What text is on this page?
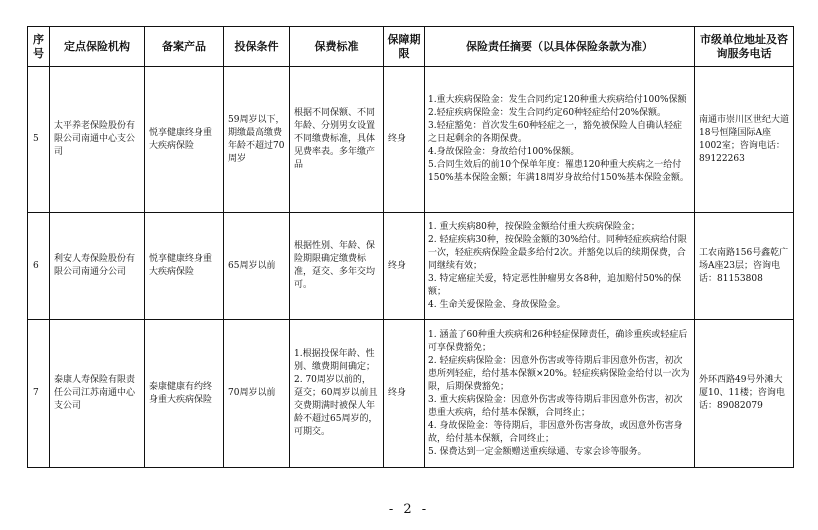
序号	定点保险机构	备案产品	投保条件	保费标准	保障期限	保险责任摘要（以具体保险条款为准）	市级单位地址及咨询服务电话
5	太平养老保险股份有限公司南通中心支公司	悦享健康终身重大疾病保险	59周岁以下，期缴最高缴费年龄不超过70周岁	根据不同保额、不同年龄、分别男女设置不同缴费标准，具体见费率表。多年缴产品	终身	1.重大疾病保险金：发生合同约定120种重大疾病给付100%保额
2.轻症疾病保险金：发生合同约定60种轻症给付20%保额。
3.轻症豁免：首次发生60种轻症之一，豁免被保险人自确认轻症之日起剩余的各期保费。
4.身故保险金：身故给付100%保额。
5.合同生效后的前10个保单年度：罹患120种重大疾病之一给付150%基本保险金额；年满18周岁身故给付150%基本保险金额。	南通市崇川区世纪大道18号恒隆国际A座1002室；咨询电话：89122263

6	利安人寿保险股份有限公司南通分公司	悦享健康终身重大疾病保险	65周岁以前	根据性别、年龄、保险期限确定缴费标准，趸交、多年交均可。	终身	1. 重大疾病80种，按保险金额给付重大疾病保险金；
2. 轻症疾病30种，按保险金额的30%给付。同种轻症疾病给付限一次，轻症疾病保险金最多给付2次。并豁免以后的续期保费，合同继续有效；
3. 特定癌症关爱，特定恶性肿瘤男女各8种，追加赔付50%的保额；
4. 生命关爱保险金、身故保险金。	工农南路156号鑫乾广场A座23层；咨询电话：81153808

7	泰康人寿保险有限责任公司江苏南通中心支公司	泰康健康有约终身重大疾病保险	70周岁以前	1.根据投保年龄、性别、缴费期间确定；2. 70周岁以前的，趸交；60周岁以前且交费期满时被保人年龄不超过65周岁的，可期交。	终身	1. 涵盖了60种重大疾病和26种轻症保障责任，确诊重疾或轻症后可享保费豁免；
2. 轻症疾病保险金：因意外伤害或等待期后非因意外伤害，初次患所列轻症，给付基本保额×20%。轻症疾病保险金给付以一次为限，后期保费豁免；
3. 重大疾病保险金：因意外伤害或等待期后非因意外伤害，初次患重大疾病，给付基本保额，合同终止；
4. 身故保险金：等待期后，非因意外伤害身故，或因意外伤害身故，给付基本保额，合同终止；
5. 保费达到一定金额赠送重疾绿通、专家会诊等服务。	外环西路49号外滩大厦10、11楼；咨询电话：89082079
- 2 -
